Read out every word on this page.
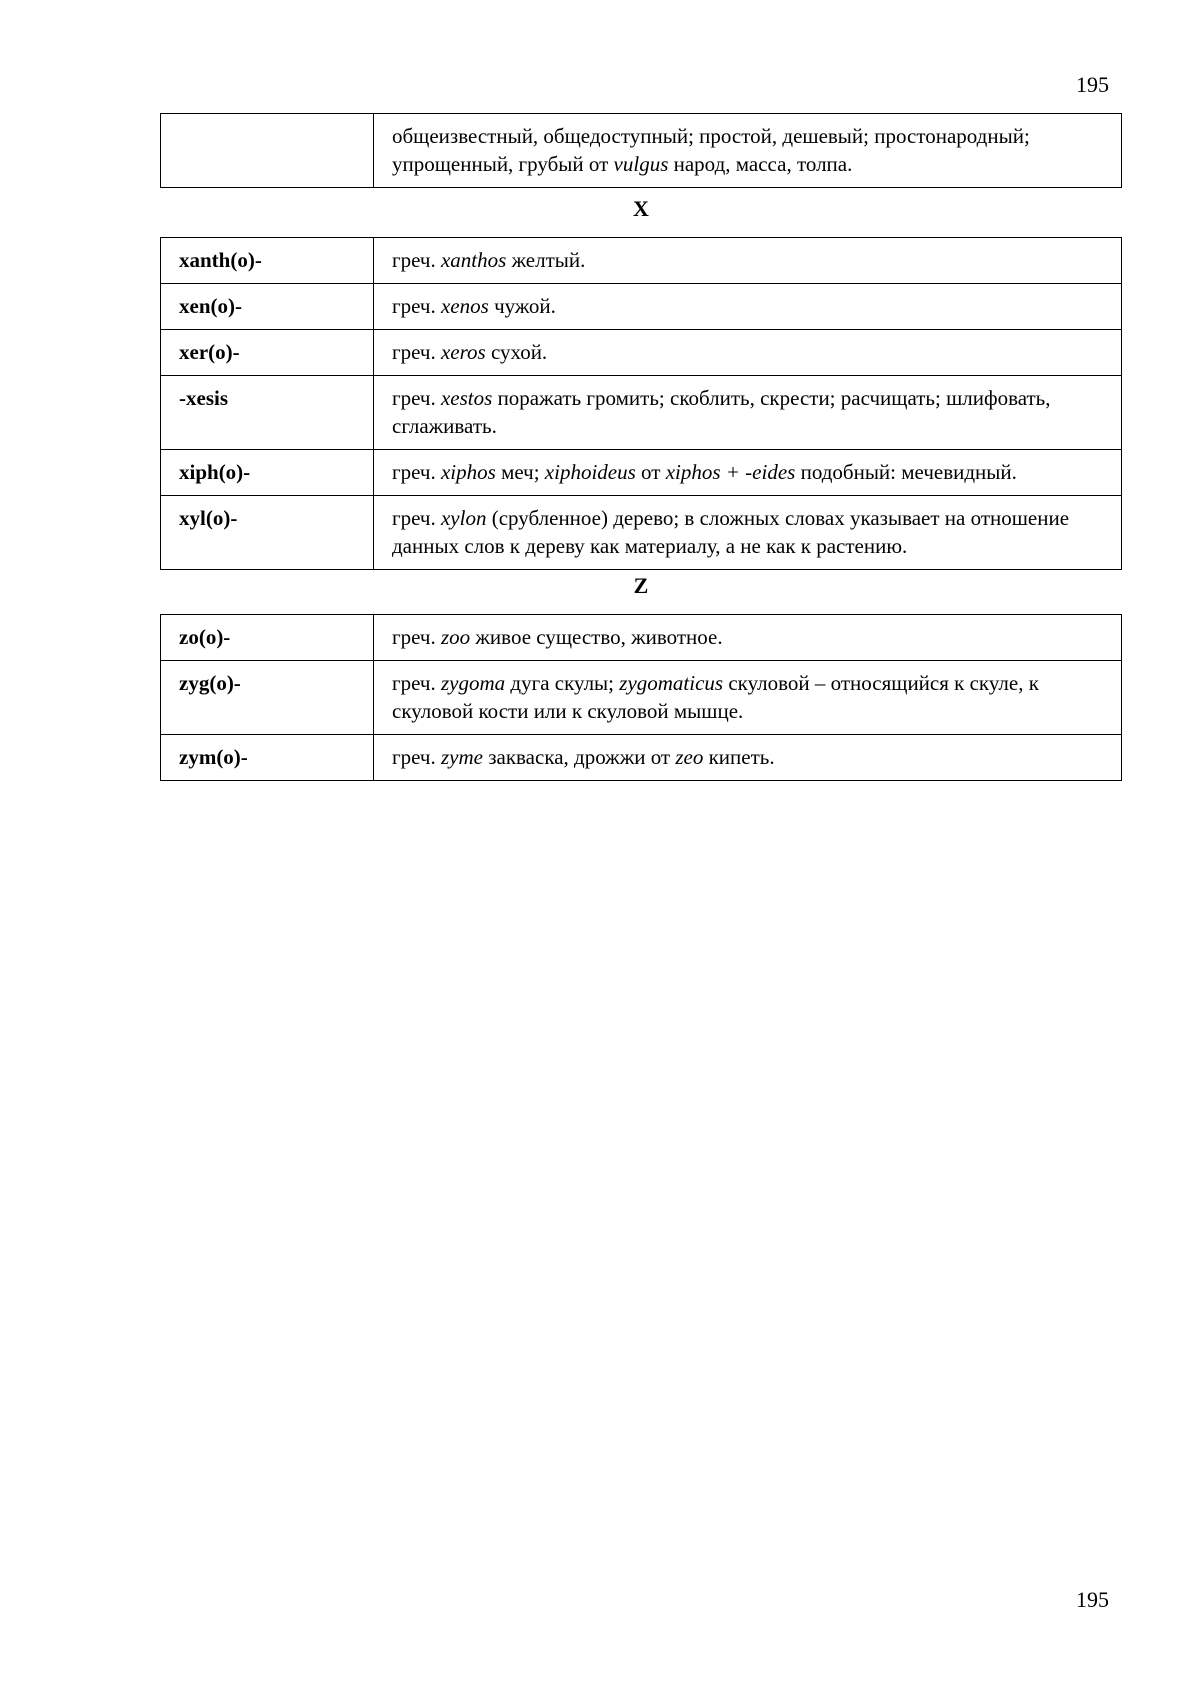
195
	общеизвестный, общедоступный; простой, дешевый; простонародный; упрощенный, грубый от vulgus народ, масса, толпа.
X
xanth(o)-	греч. xanthos желтый.
xen(o)-	греч. xenos чужой.
xer(o)-	греч. xeros сухой.
-xesis	греч. xestos поражать громить; скоблить, скрести; расчищать; шлифовать, сглаживать.
xiph(o)-	греч. xiphos меч; xiphoideus от xiphos + -eides подобный: мечевидный.
xyl(o)-	греч. xylon (срубленное) дерево; в сложных словах указывает на отношение данных слов к дереву как материалу, а не как к растению.
Z
zo(o)-	греч. zoo живое существо, животное.
zyg(o)-	греч. zygoma дуга скулы; zygomaticus скуловой – относящийся к скуле, к скуловой кости или к скуловой мышце.
zym(o)-	греч. zyme закваска, дрожжи от zeo кипеть.
195
